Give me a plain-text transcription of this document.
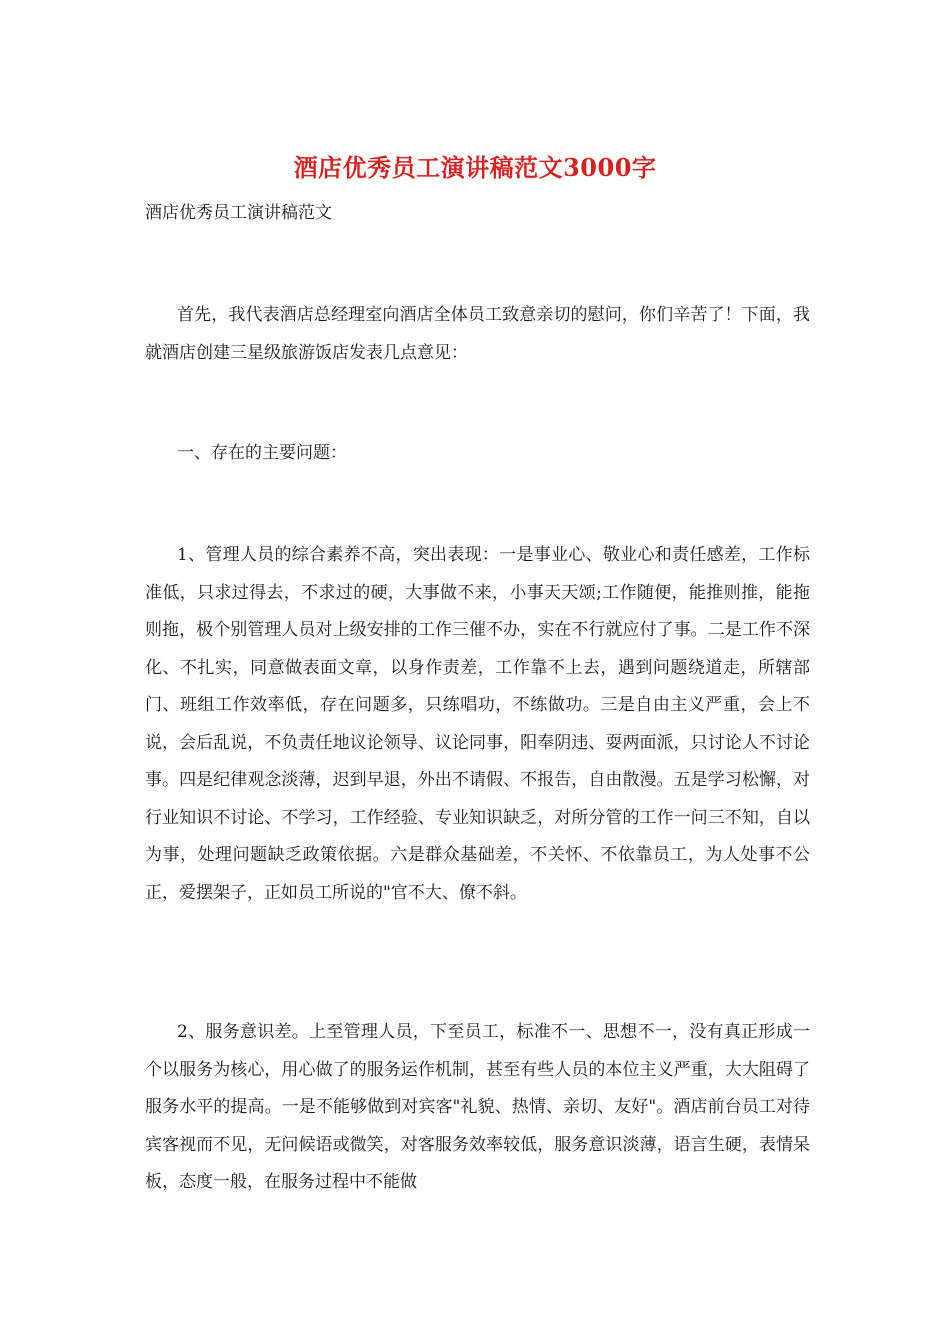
酒店优秀员工演讲稿范文3000字

酒店优秀员工演讲稿范文

首先，我代表酒店总经理室向酒店全体员工致意亲切的慰问，你们辛苦了！下面，我就酒店创建三星级旅游饭店发表几点意见：

一、存在的主要问题：

1、管理人员的综合素养不高，突出表现：一是事业心、敬业心和责任感差，工作标准低，只求过得去，不求过的硬，大事做不来，小事天天颂;工作随便，能推则推，能拖则拖，极个别管理人员对上级安排的工作三催不办，实在不行就应付了事。二是工作不深化、不扎实，同意做表面文章，以身作责差，工作靠不上去，遇到问题绕道走，所辖部门、班组工作效率低，存在问题多，只练唱功，不练做功。三是自由主义严重，会上不说，会后乱说，不负责任地议论领导、议论同事，阳奉阴违、耍两面派，只讨论人不讨论事。四是纪律观念淡薄，迟到早退，外出不请假、不报告，自由散漫。五是学习松懈，对行业知识不讨论、不学习，工作经验、专业知识缺乏，对所分管的工作一问三不知，自以为事，处理问题缺乏政策依据。六是群众基础差，不关怀、不依靠员工，为人处事不公正，爱摆架子，正如员工所说的"官不大、僚不斜。

2、服务意识差。上至管理人员，下至员工，标准不一、思想不一，没有真正形成一个以服务为核心，用心做了的服务运作机制，甚至有些人员的本位主义严重，大大阻碍了服务水平的提高。一是不能够做到对宾客"礼貌、热情、亲切、友好"。酒店前台员工对待宾客视而不见，无问候语或微笑，对客服务效率较低，服务意识淡薄，语言生硬，表情呆板，态度一般，在服务过程中不能做
